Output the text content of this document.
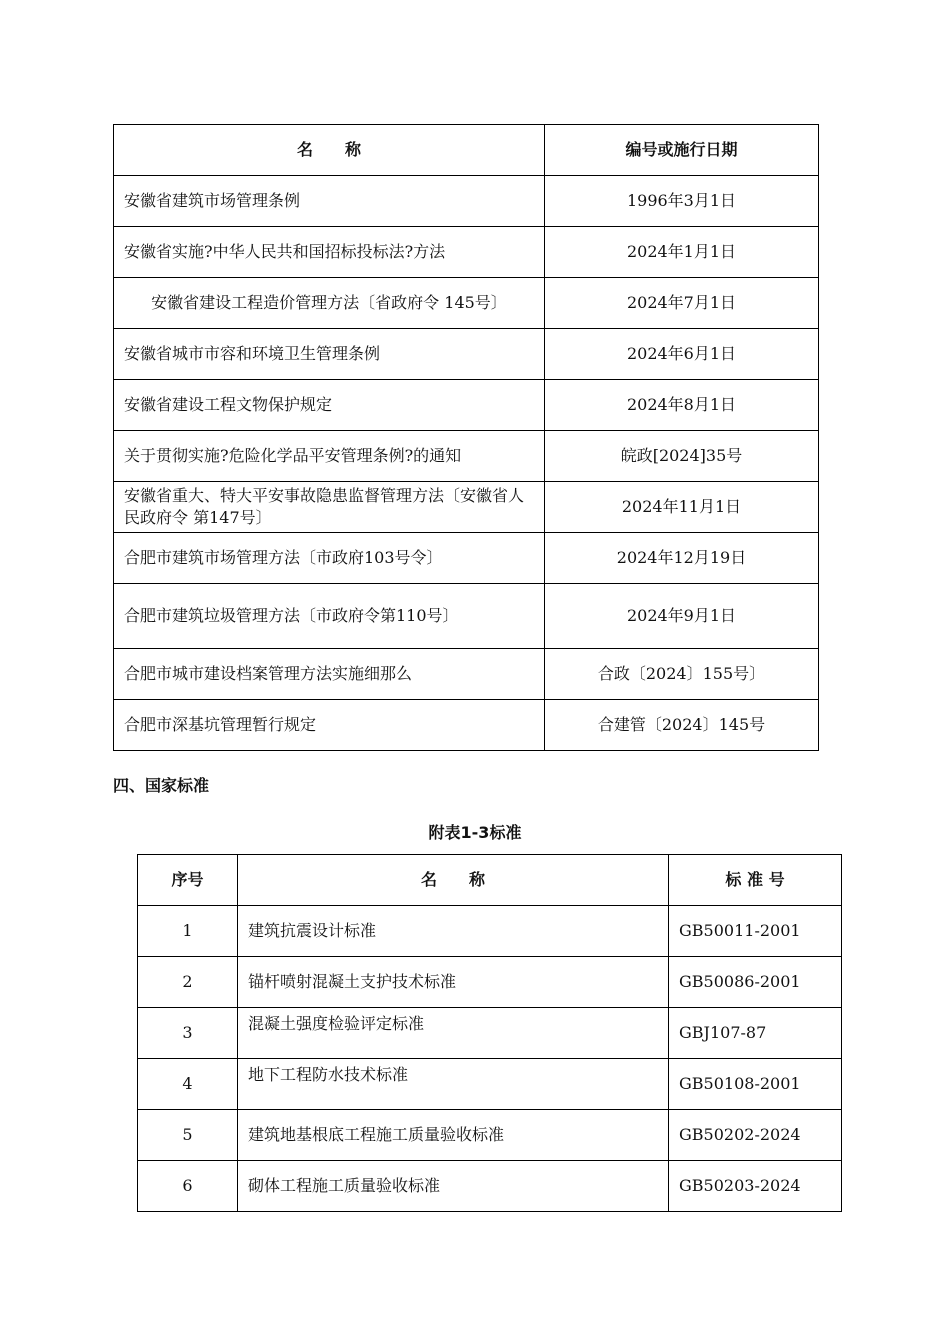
名　　称	编号或施行日期
安徽省建筑市场管理条例	1996年3月1日
安徽省实施?中华人民共和国招标投标法?方法	2024年1月1日
安徽省建设工程造价管理方法〔省政府令 145号〕	2024年7月1日
安徽省城市市容和环境卫生管理条例	2024年6月1日
安徽省建设工程文物保护规定	2024年8月1日
关于贯彻实施?危险化学品平安管理条例?的通知	皖政[2024]35号
安徽省重大、特大平安事故隐患监督管理方法〔安徽省人民政府令 第147号〕	2024年11月1日
合肥市建筑市场管理方法〔市政府103号令〕	2024年12月19日
合肥市建筑垃圾管理方法〔市政府令第110号〕	2024年9月1日
合肥市城市建设档案管理方法实施细那么	合政〔2024〕155号〕
合肥市深基坑管理暂行规定	合建管〔2024〕145号
四、国家标准
附表1-3标准
序号	名　　称	标 准 号
1	建筑抗震设计标准	GB50011-2001
2	锚杆喷射混凝土支护技术标准	GB50086-2001
3	混凝土强度检验评定标准	GBJ107-87
4	地下工程防水技术标准	GB50108-2001
5	建筑地基根底工程施工质量验收标准	GB50202-2024
6	砌体工程施工质量验收标准	GB50203-2024
